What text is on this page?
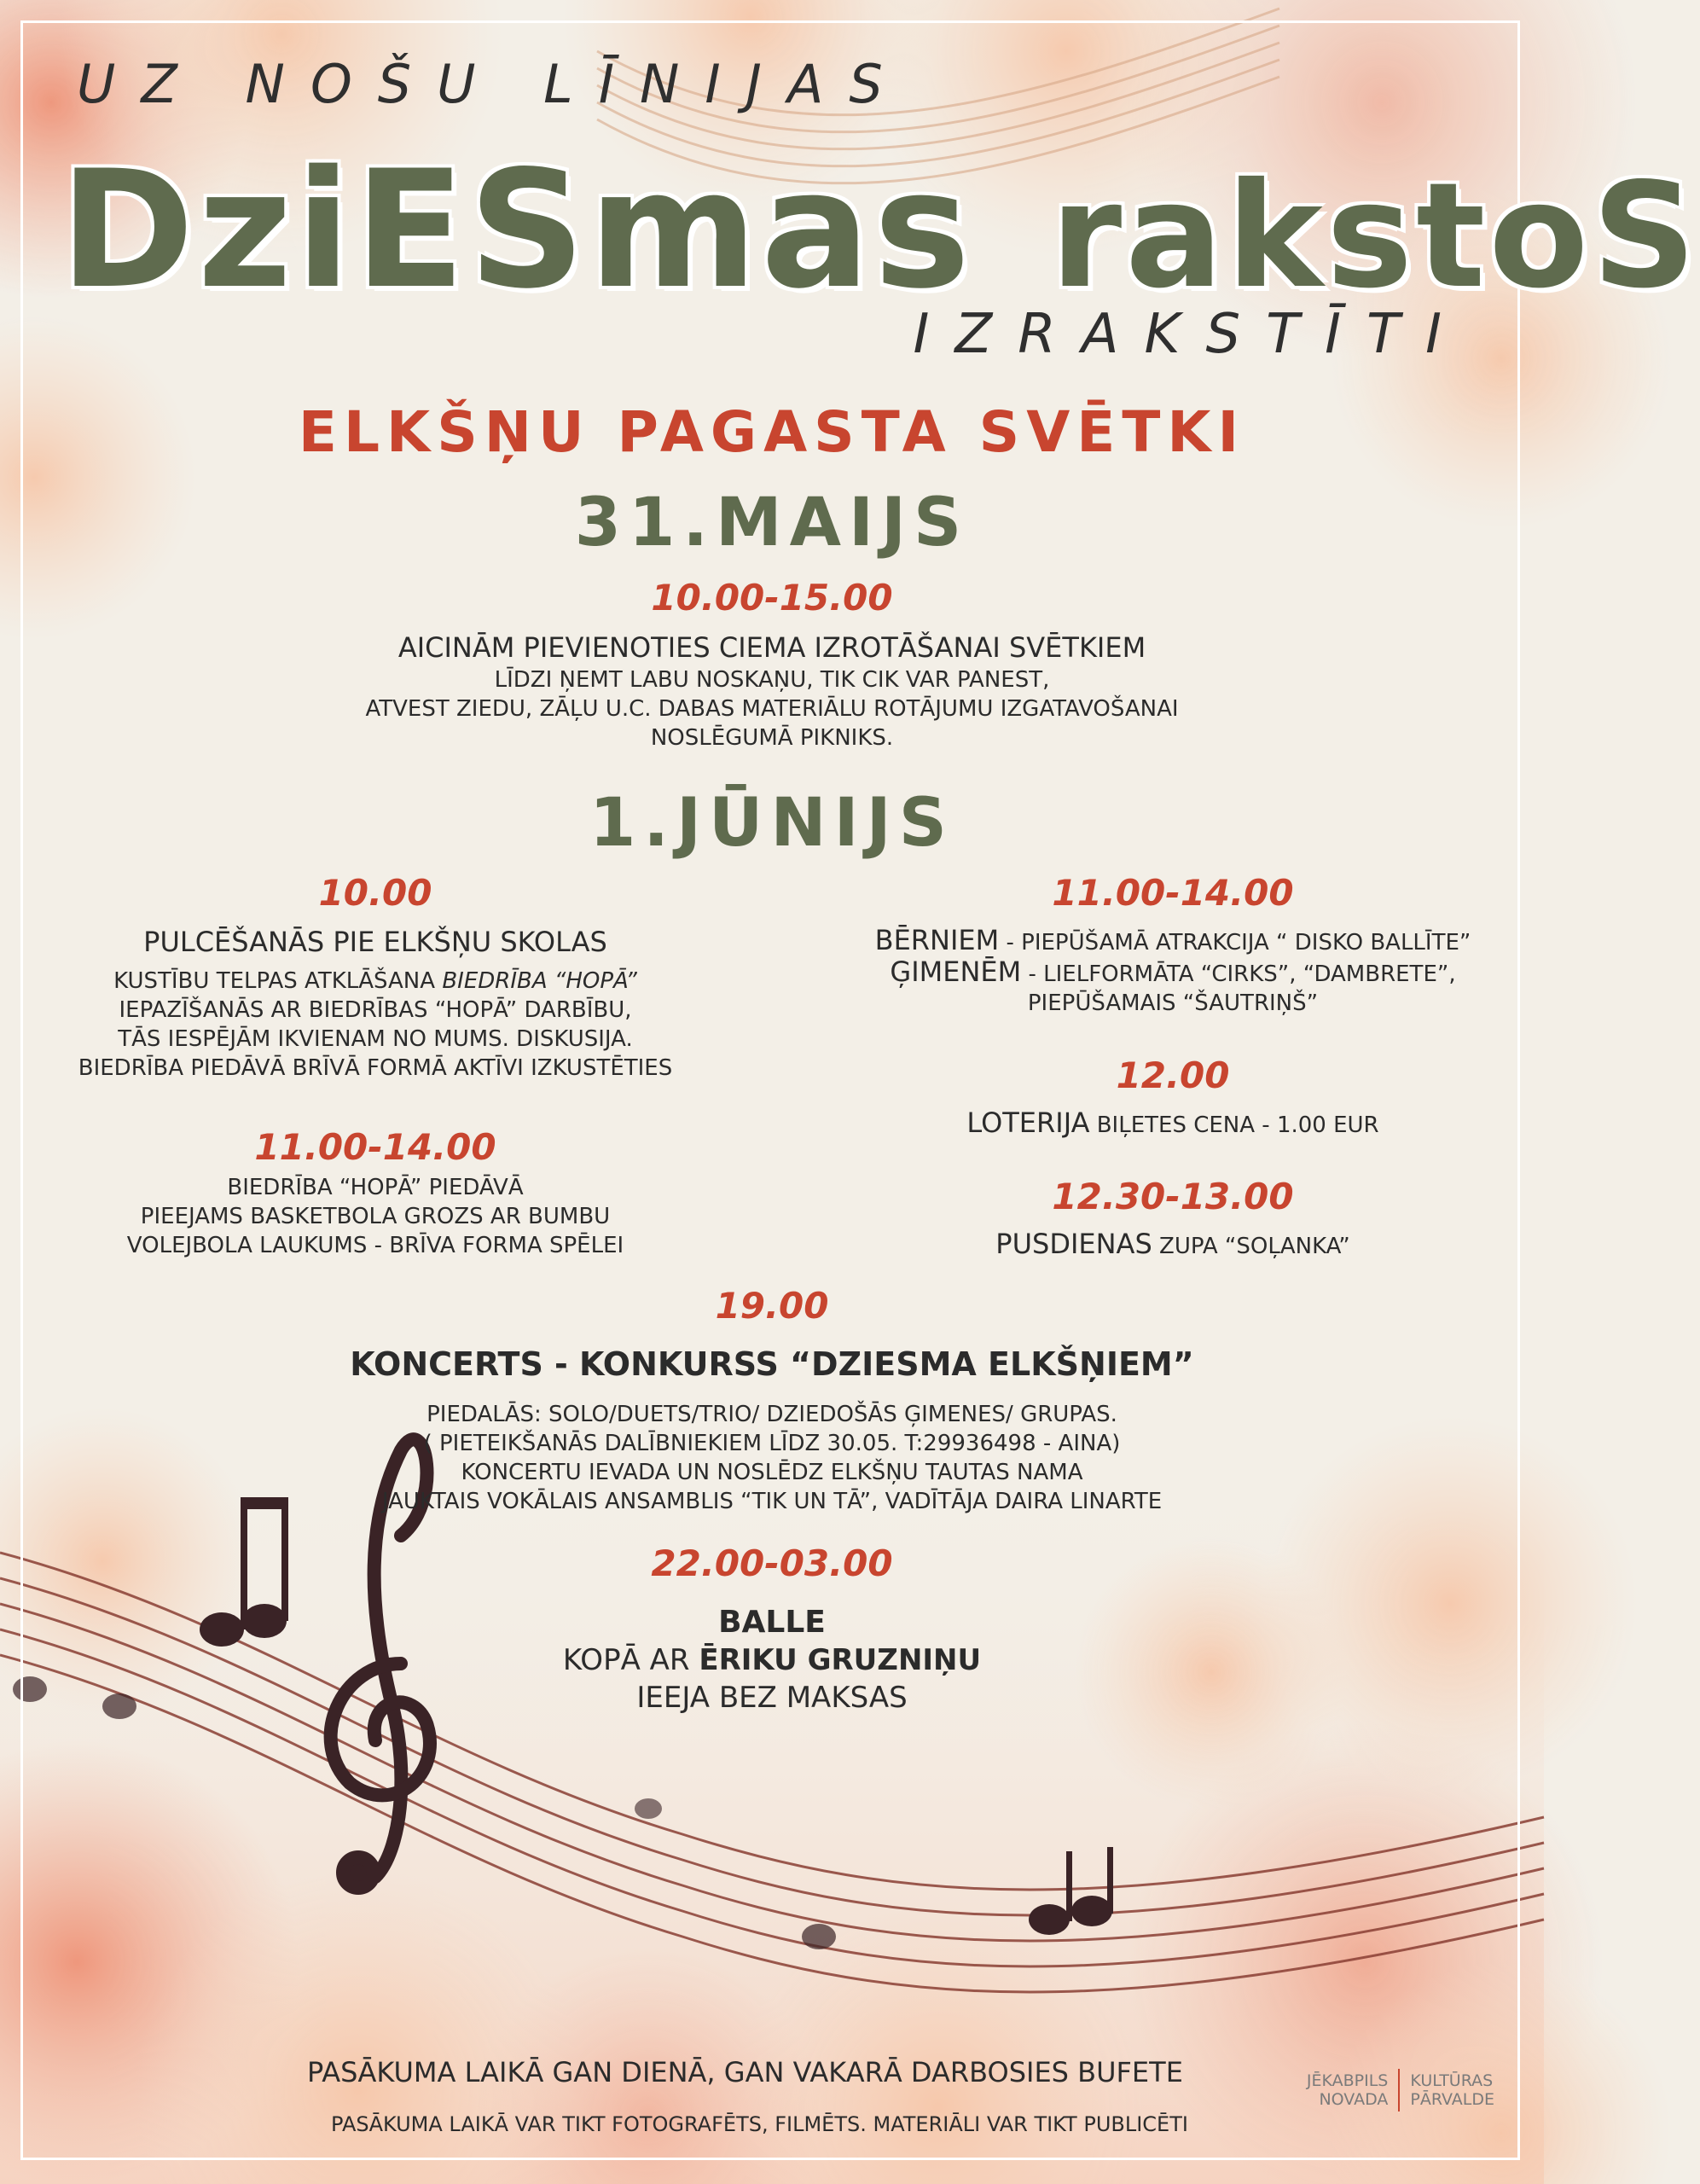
UZ NOŠU LĪNIJAS

DziESmas rakstoS

IZRAKSTĪTI

ELKŠŅU PAGASTA SVĒTKI

31.MAIJS

10.00-15.00

AICINĀM PIEVIENOTIES CIEMA IZROTĀŠANAI SVĒTKIEM

LĪDZI ŅEMT LABU NOSKAŅU, TIK CIK VAR PANEST,
ATVEST ZIEDU, ZĀĻU U.C. DABAS MATERIĀLU ROTĀJUMU IZGATAVOŠANAI
NOSLĒGUMĀ PIKNIKS.

1.JŪNIJS

10.00
PULCĒŠANĀS PIE ELKŠŅU SKOLAS
KUSTĪBU TELPAS ATKLĀŠANA BIEDRĪBA “HOPĀ”
IEPAZĪŠANĀS AR BIEDRĪBAS “HOPĀ” DARBĪBU,
TĀS IESPĒJĀM IKVIENAM NO MUMS. DISKUSIJA.
BIEDRĪBA PIEDĀVĀ BRĪVĀ FORMĀ AKTĪVI IZKUSTĒTIES
11.00-14.00
BIEDRĪBA “HOPĀ” PIEDĀVĀ
PIEEJAMS BASKETBOLA GROZS AR BUMBU
VOLEJBOLA LAUKUMS - BRĪVA FORMA SPĒLEI
11.00-14.00
BĒRNIEM - PIEPŪŠAMĀ ATRAKCIJA “ DISKO BALLĪTE”
ĢIMENĒM - LIELFORMĀTA “CIRKS”, “DAMBRETE”,
PIEPŪŠAMAIS “ŠAUTRIŅŠ”
12.00
LOTERIJA BIĻETES CENA - 1.00 EUR
12.30-13.00
PUSDIENAS ZUPA “SOĻANKA”
19.00
KONCERTS - KONKURSS “DZIESMA ELKŠŅIEM”
PIEDALĀS: SOLO/DUETS/TRIO/ DZIEDOŠĀS ĢIMENES/ GRUPAS.
( PIETEIKŠANĀS DALĪBNIEKIEM LĪDZ 30.05. T:29936498 - AINA)
KONCERTU IEVADA UN NOSLĒDZ ELKŠŅU TAUTAS NAMA
JAUKTAIS VOKĀLAIS ANSAMBLIS “TIK UN TĀ”, VADĪTĀJA DAIRA LINARTE
22.00-03.00
BALLE
KOPĀ AR ĒRIKU GRUZNIŅU
IEEJA BEZ MAKSAS

PASĀKUMA LAIKĀ GAN DIENĀ, GAN VAKARĀ DARBOSIES BUFETE

PASĀKUMA LAIKĀ VAR TIKT FOTOGRAFĒTS, FILMĒTS. MATERIĀLI VAR TIKT PUBLICĒTI

JĒKABPILS
NOVADA
KULTŪRAS
PĀRVALDE
